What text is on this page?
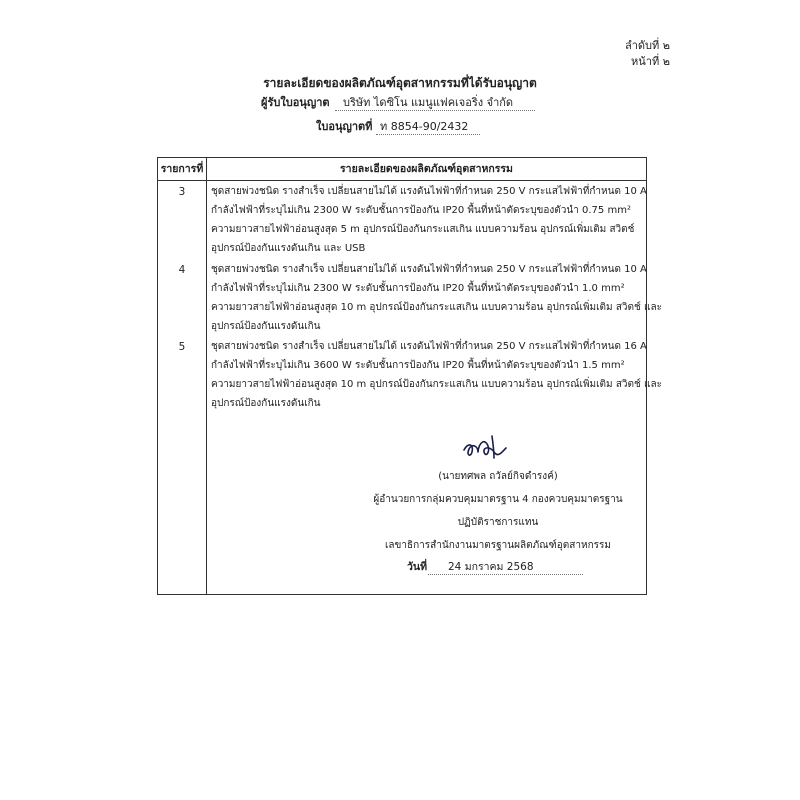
ลำดับที่ ๒
หน้าที่ ๒
รายละเอียดของผลิตภัณฑ์อุตสาหกรรมที่ได้รับอนุญาต
ผู้รับใบอนุญาต บริษัท ไดซิโน แมนูแฟคเจอริ่ง จำกัด
ใบอนุญาตที่ ท 8854-90/2432
รายการที่	รายละเอียดของผลิตภัณฑ์อุตสาหกรรม
3	ชุดสายพ่วงชนิด รางสำเร็จ เปลี่ยนสายไม่ได้ แรงดันไฟฟ้าที่กำหนด 250 V กระแสไฟฟ้าที่กำหนด 10 A
กำลังไฟฟ้าที่ระบุไม่เกิน 2300 W ระดับชั้นการป้องกัน IP20 พื้นที่หน้าตัดระบุของตัวนำ 0.75 mm²
ความยาวสายไฟฟ้าอ่อนสูงสุด 5 m อุปกรณ์ป้องกันกระแสเกิน แบบความร้อน อุปกรณ์เพิ่มเติม สวิตช์
อุปกรณ์ป้องกันแรงดันเกิน และ USB
4	ชุดสายพ่วงชนิด รางสำเร็จ เปลี่ยนสายไม่ได้ แรงดันไฟฟ้าที่กำหนด 250 V กระแสไฟฟ้าที่กำหนด 10 A
กำลังไฟฟ้าที่ระบุไม่เกิน 2300 W ระดับชั้นการป้องกัน IP20 พื้นที่หน้าตัดระบุของตัวนำ 1.0 mm²
ความยาวสายไฟฟ้าอ่อนสูงสุด 10 m อุปกรณ์ป้องกันกระแสเกิน แบบความร้อน อุปกรณ์เพิ่มเติม สวิตช์ และ
อุปกรณ์ป้องกันแรงดันเกิน
5	ชุดสายพ่วงชนิด รางสำเร็จ เปลี่ยนสายไม่ได้ แรงดันไฟฟ้าที่กำหนด 250 V กระแสไฟฟ้าที่กำหนด 16 A
กำลังไฟฟ้าที่ระบุไม่เกิน 3600 W ระดับชั้นการป้องกัน IP20 พื้นที่หน้าตัดระบุของตัวนำ 1.5 mm²
ความยาวสายไฟฟ้าอ่อนสูงสุด 10 m อุปกรณ์ป้องกันกระแสเกิน แบบความร้อน อุปกรณ์เพิ่มเติม สวิตช์ และ
อุปกรณ์ป้องกันแรงดันเกิน
(นายทศพล ถวัลย์กิจดำรงค์)
ผู้อำนวยการกลุ่มควบคุมมาตรฐาน 4 กองควบคุมมาตรฐาน
ปฏิบัติราชการแทน
เลขาธิการสำนักงานมาตรฐานผลิตภัณฑ์อุตสาหกรรม
วันที่ 24 มกราคม 2568
